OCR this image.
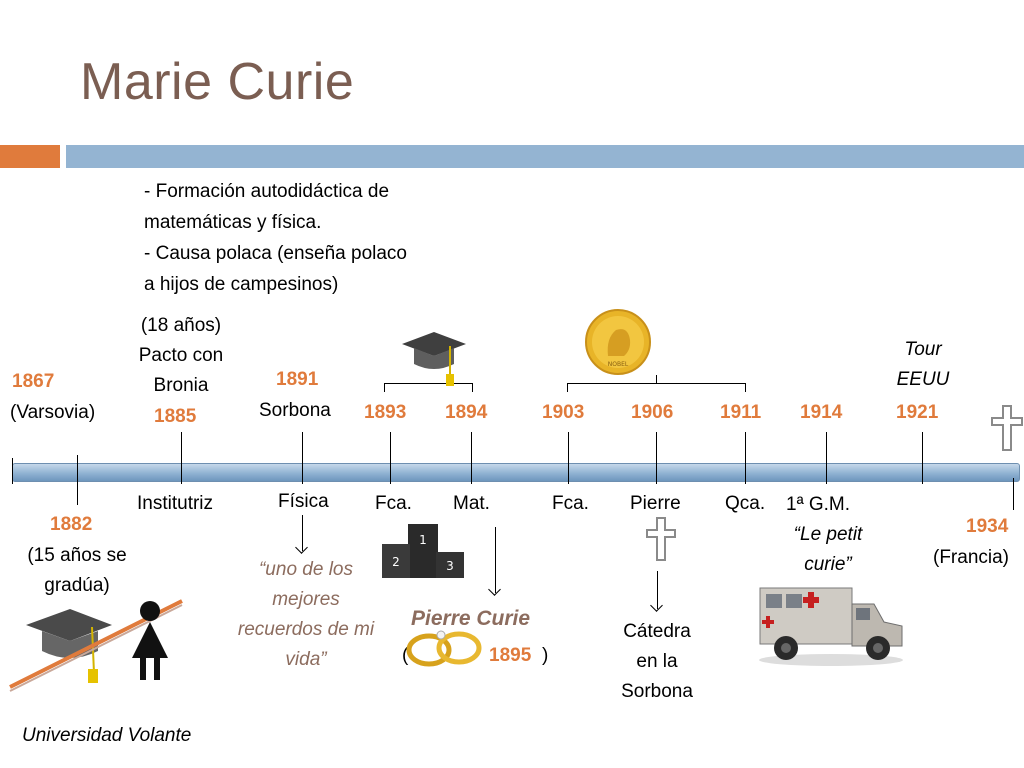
Marie Curie
- Formación autodidáctica de
matemáticas y física.
- Causa polaca (enseña polaco
a hijos de campesinos)
1867
(Varsovia)
1882
(15 años se
gradúa)
Universidad Volante
(18 años)
Pacto con
Bronia
1885
Institutriz
1891
Sorbona
Física
“uno de los
mejores
recuerdos de mi
vida”
1893 1894
Fca. Mat.
1
2	3
Pierre Curie
(	1895 )
NOBEL
1903
Fca.
1906
Pierre
Cátedra
en la
Sorbona
1911
Qca.
1914
1ª G.M.
“Le petit
curie”
Tour
EEUU
1921
1934
(Francia)
